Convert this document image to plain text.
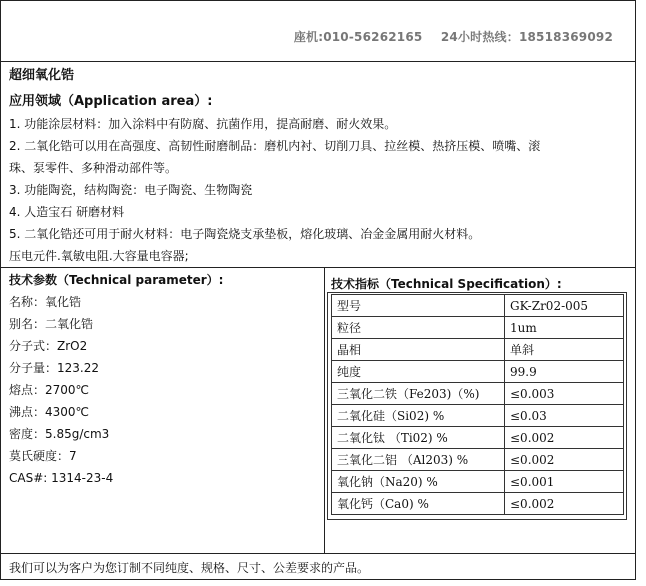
座机:010-56262165 24小时热线：18518369092
超细氧化锆
应用领域（Application area）:
1. 功能涂层材料：加入涂料中有防腐、抗菌作用，提高耐磨、耐火效果。
2. 二氧化锆可以用在高强度、高韧性耐磨制品：磨机内衬、切削刀具、拉丝模、热挤压模、喷嘴、滚
珠、泵零件、多种滑动部件等。
3. 功能陶瓷，结构陶瓷：电子陶瓷、生物陶瓷
4. 人造宝石 研磨材料
5. 二氧化锆还可用于耐火材料：电子陶瓷烧支承垫板，熔化玻璃、冶金金属用耐火材料。
压电元件.氧敏电阻.大容量电容器;
技术参数（Technical parameter）:
名称：氧化锆
别名：二氧化锆
分子式：ZrO2
分子量：123.22
熔点：2700℃
沸点：4300℃
密度：5.85g/cm3
莫氏硬度：7
CAS#: 1314-23-4
技术指标（Technical Specification）:
型号	GK-Zr02-005
粒径	1um
晶相	单斜
纯度	99.9
三氧化二铁（Fe203)（%)	≤0.003
二氧化硅（Si02) %	≤0.03
二氧化钛 （Ti02) %	≤0.002
三氧化二铝 （Al203) %	≤0.002
氧化钠（Na20) %	≤0.001
氧化钙（Ca0) %	≤0.002
我们可以为客户为您订制不同纯度、规格、尺寸、公差要求的产品。
